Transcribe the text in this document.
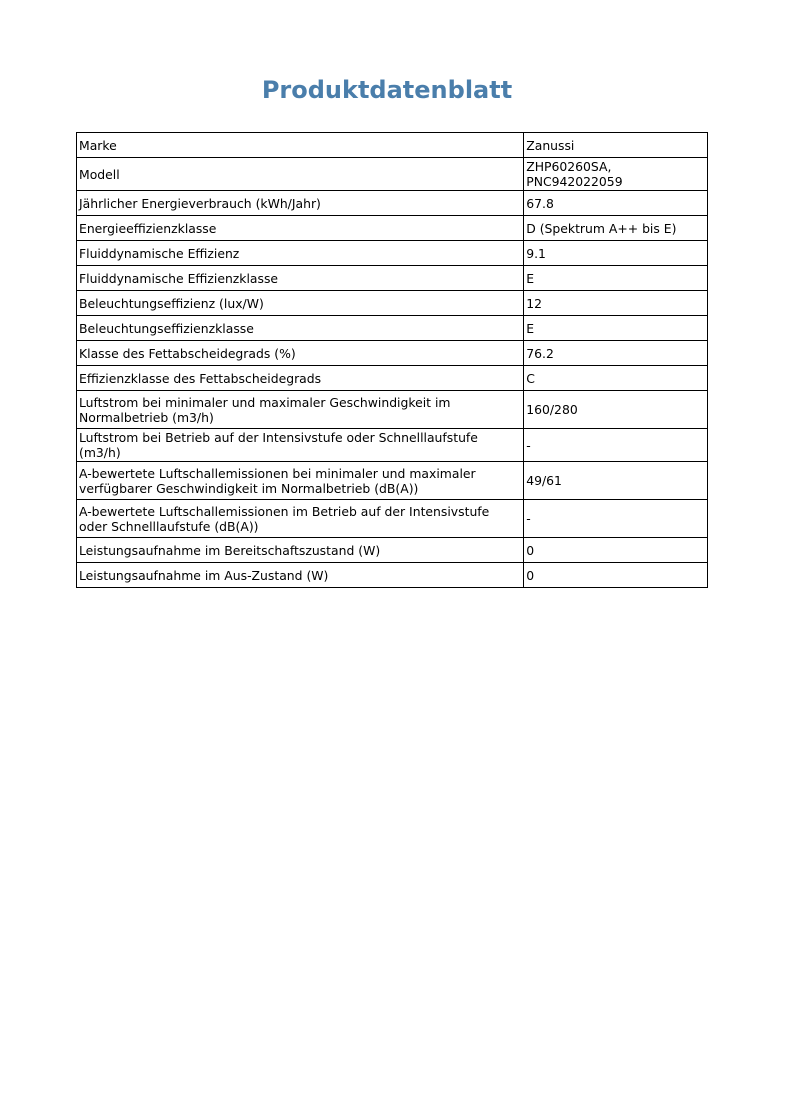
Produktdatenblatt
Marke	Zanussi
Modell	ZHP60260SA, PNC942022059
Jährlicher Energieverbrauch (kWh/Jahr)	67.8
Energieeffizienzklasse	D (Spektrum A++ bis E)
Fluiddynamische Effizienz	9.1
Fluiddynamische Effizienzklasse	E
Beleuchtungseffizienz (lux/W)	12
Beleuchtungseffizienzklasse	E
Klasse des Fettabscheidegrads (%)	76.2
Effizienzklasse des Fettabscheidegrads	C
Luftstrom bei minimaler und maximaler Geschwindigkeit im Normalbetrieb (m3/h)	160/280
Luftstrom bei Betrieb auf der Intensivstufe oder Schnelllaufstufe (m3/h)	-
A-bewertete Luftschallemissionen bei minimaler und maximaler verfügbarer Geschwindigkeit im Normalbetrieb (dB(A))	49/61
A-bewertete Luftschallemissionen im Betrieb auf der Intensivstufe oder Schnelllaufstufe (dB(A))	-
Leistungsaufnahme im Bereitschaftszustand (W)	0
Leistungsaufnahme im Aus-Zustand (W)	0
